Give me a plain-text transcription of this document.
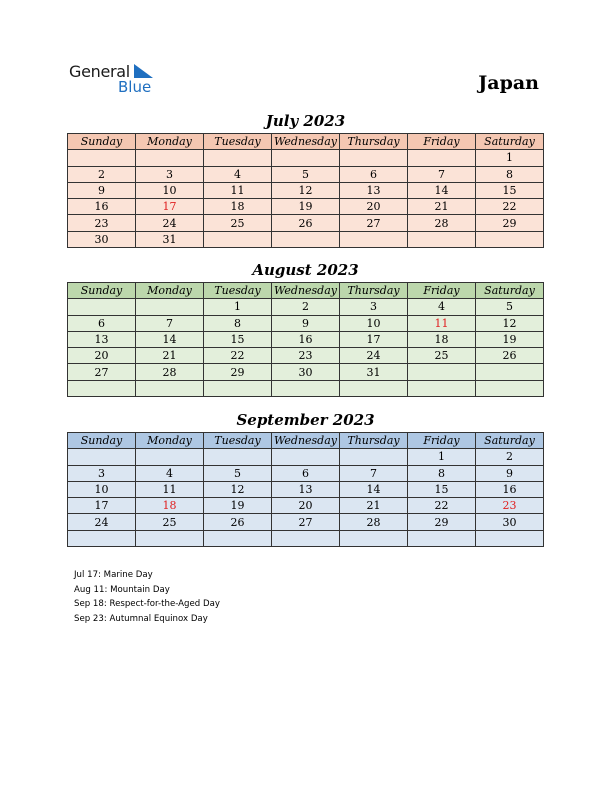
General
Blue	Japan
July 2023
Sunday	Monday	Tuesday	Wednesday	Thursday	Friday	Saturday
						1
2	3	4	5	6	7	8
9	10	11	12	13	14	15
16	17	18	19	20	21	22
23	24	25	26	27	28	29
30	31					
August 2023
Sunday	Monday	Tuesday	Wednesday	Thursday	Friday	Saturday
		1	2	3	4	5
6	7	8	9	10	11	12
13	14	15	16	17	18	19
20	21	22	23	24	25	26
27	28	29	30	31		

September 2023
Sunday	Monday	Tuesday	Wednesday	Thursday	Friday	Saturday
					1	2
3	4	5	6	7	8	9
10	11	12	13	14	15	16
17	18	19	20	21	22	23
24	25	26	27	28	29	30

Jul 17: Marine Day
Aug 11: Mountain Day
Sep 18: Respect-for-the-Aged Day
Sep 23: Autumnal Equinox Day
